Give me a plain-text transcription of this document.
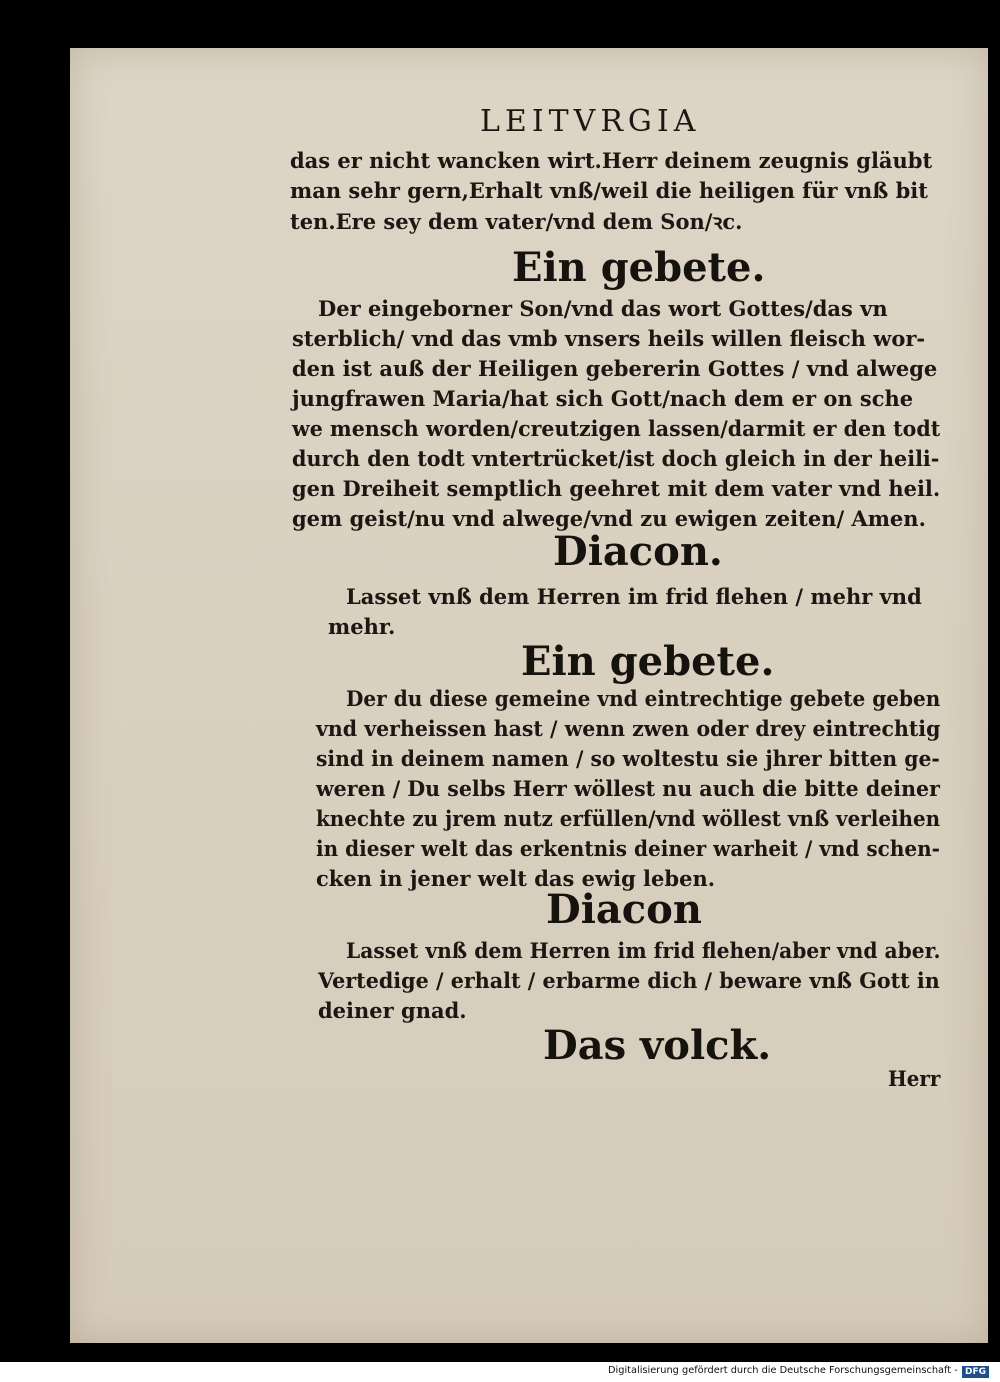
LEITVRGIA
das er nicht wancken wirt.Herr deinem zeugnis gläubt
man sehr gern,Erhalt vnß/weil die heiligen für vnß bit
ten.Ere sey dem vater/vnd dem Son/ꝛc.
Ein gebete.
Der eingeborner Son/vnd das wort Gottes/das vn
sterblich/ vnd das vmb vnsers heils willen fleisch wor-
den ist auß der Heiligen gebererin Gottes / vnd alwege
jungfrawen Maria/hat sich Gott/nach dem er on sche
we mensch worden/creutzigen lassen/darmit er den todt
durch den todt vntertrücket/ist doch gleich in der heili-
gen Dreiheit semptlich geehret mit dem vater vnd heil.
gem geist/nu vnd alwege/vnd zu ewigen zeiten/ Amen.
Diacon.
Lasset vnß dem Herren im frid flehen / mehr vnd
mehr.
Ein gebete.
Der du diese gemeine vnd eintrechtige gebete geben
vnd verheissen hast / wenn zwen oder drey eintrechtig
sind in deinem namen / so woltestu sie jhrer bitten ge-
weren / Du selbs Herr wöllest nu auch die bitte deiner
knechte zu jrem nutz erfüllen/vnd wöllest vnß verleihen
in dieser welt das erkentnis deiner warheit / vnd schen-
cken in jener welt das ewig leben.
Diacon
Lasset vnß dem Herren im frid flehen/aber vnd aber.
Vertedige / erhalt / erbarme dich / beware vnß Gott in
deiner gnad.
Das volck.
Herr
Digitalisierung gefördert durch die Deutsche Forschungsgemeinschaft - DFG
